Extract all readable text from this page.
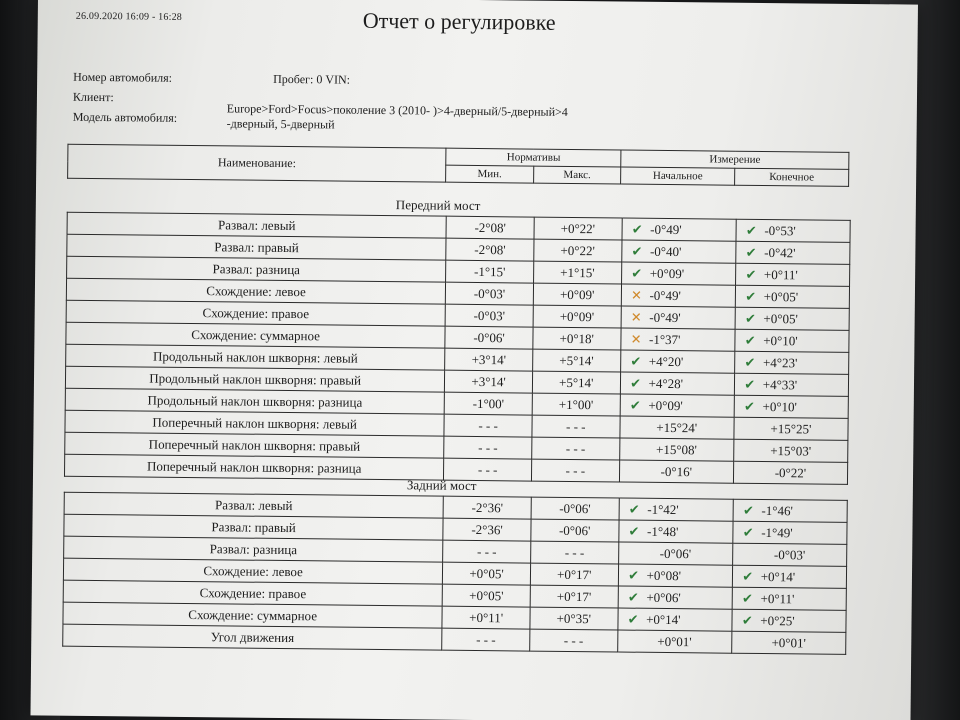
26.09.2020 16:09 - 16:28	Отчет о регулировке
Номер автомобиля:	Пробег: 0 VIN:
Клиент:
Модель автомобиля:	Europe>Ford>Focus>поколение 3 (2010- )>4-дверный/5-дверный>4
-дверный, 5-дверный
Наименование:	Нормативы		Измерение	
	Мин.	Макс.	Начальное	Конечное
Передний мост
Развал: левый	-2°08'	+0°22'	✔ -0°49'	✔ -0°53'
Развал: правый	-2°08'	+0°22'	✔ -0°40'	✔ -0°42'
Развал: разница	-1°15'	+1°15'	✔ +0°09'	✔ +0°11'
Схождение: левое	-0°03'	+0°09'	✕ -0°49'	✔ +0°05'
Схождение: правое	-0°03'	+0°09'	✕ -0°49'	✔ +0°05'
Схождение: суммарное	-0°06'	+0°18'	✕ -1°37'	✔ +0°10'
Продольный наклон шкворня: левый	+3°14'	+5°14'	✔ +4°20'	✔ +4°23'
Продольный наклон шкворня: правый	+3°14'	+5°14'	✔ +4°28'	✔ +4°33'
Продольный наклон шкворня: разница	-1°00'	+1°00'	✔ +0°09'	✔ +0°10'
Поперечный наклон шкворня: левый	- - -	- - -	+15°24'	+15°25'
Поперечный наклон шкворня: правый	- - -	- - -	+15°08'	+15°03'
Поперечный наклон шкворня: разница	- - -	- - -	-0°16'	-0°22'
Задний мост
Развал: левый	-2°36'	-0°06'	✔ -1°42'	✔ -1°46'
Развал: правый	-2°36'	-0°06'	✔ -1°48'	✔ -1°49'
Развал: разница	- - -	- - -	-0°06'	-0°03'
Схождение: левое	+0°05'	+0°17'	✔ +0°08'	✔ +0°14'
Схождение: правое	+0°05'	+0°17'	✔ +0°06'	✔ +0°11'
Схождение: суммарное	+0°11'	+0°35'	✔ +0°14'	✔ +0°25'
Угол движения	- - -	- - -	+0°01'	+0°01'
